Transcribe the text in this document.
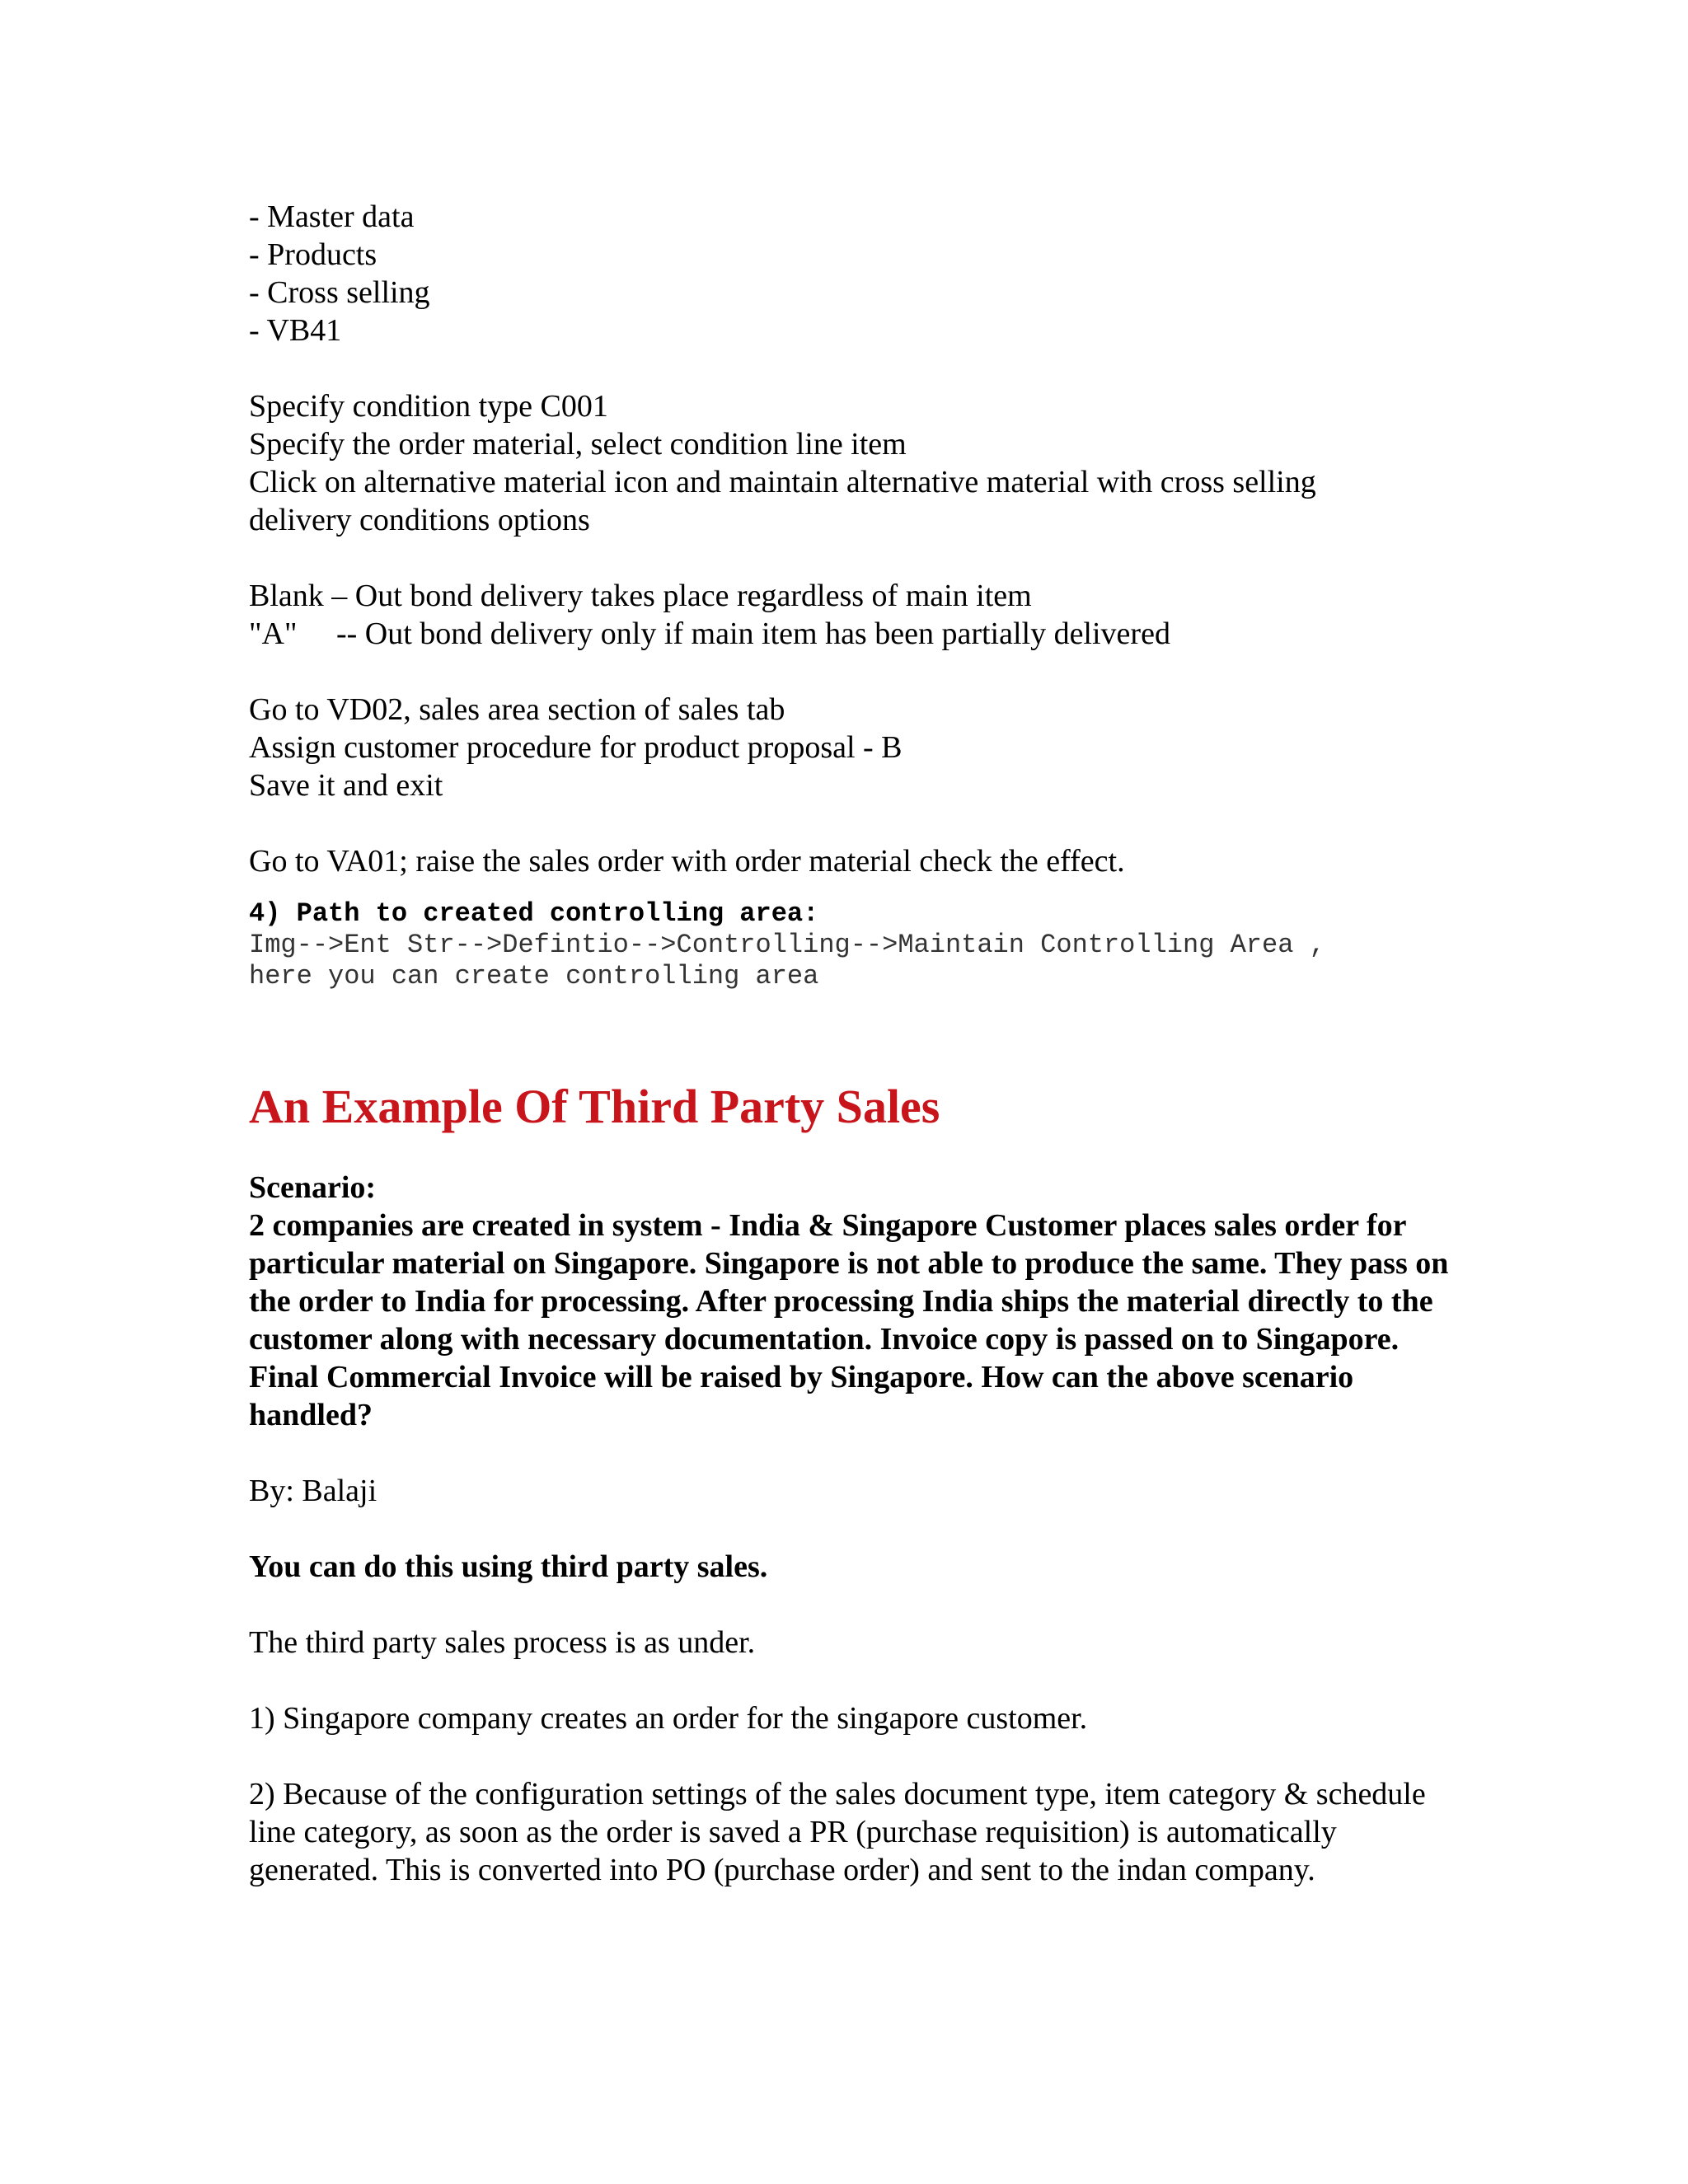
- Master data

- Products

- Cross selling

- VB41

Specify condition type C001

Specify the order material, select condition line item

Click on alternative material icon and maintain alternative material with cross selling delivery conditions options

Blank – Out bond delivery takes place regardless of main item

"A"     -- Out bond delivery only if main item has been partially delivered

Go to VD02, sales area section of sales tab

Assign customer procedure for product proposal - B

Save it and exit

Go to VA01; raise the sales order with order material check the effect.

4) Path to created controlling area:

Img-->Ent Str-->Defintio-->Controlling-->Maintain Controlling Area ,

here you can create controlling area

An Example Of Third Party Sales

Scenario:

2 companies are created in system - India & Singapore Customer places sales order for particular material on Singapore. Singapore is not able to produce the same. They pass on the order to India for processing. After processing India ships the material directly to the customer along with necessary documentation. Invoice copy is passed on to Singapore. Final Commercial Invoice will be raised by Singapore. How can the above scenario handled?

By: Balaji

You can do this using third party sales.

The third party sales process is as under.

1) Singapore company creates an order for the singapore customer.

2) Because of the configuration settings of the sales document type, item category & schedule line category, as soon as the order is saved a PR (purchase requisition) is automatically generated. This is converted into PO (purchase order) and sent to the indan company.
